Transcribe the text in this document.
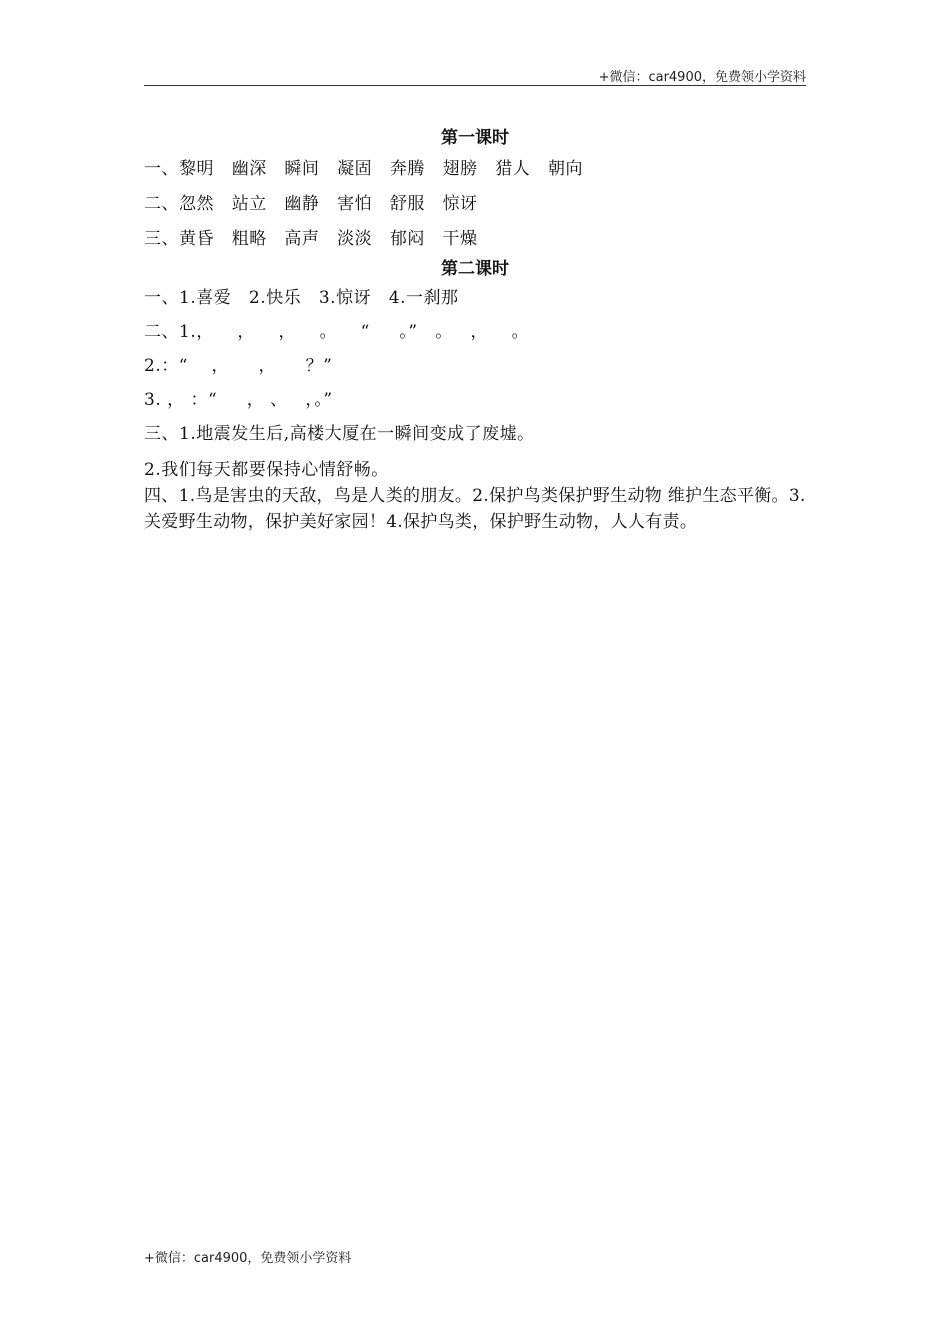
+微信：car4900，免费领小学资料
第一课时
一、黎明   幽深   瞬间   凝固   奔腾   翅膀   猎人   朝向
二、忽然   站立   幽静   害怕   舒服   惊讶
三、黄昏   粗略   高声   淡淡   郁闷   干燥
第二课时
一、1.喜爱   2.快乐   3.惊讶   4.一刹那
二、1.，    ，    ，    。    “     。”   。   ，    。
2.：“    ，     ，     ？”
3. ， ：“     ， 、   ，。”
三、1.地震发生后,高楼大厦在一瞬间变成了废墟。
2.我们每天都要保持心情舒畅。
四、1.鸟是害虫的天敌，鸟是人类的朋友。2.保护鸟类保护野生动物 维护生态平衡。3.关爱野生动物，保护美好家园！4.保护鸟类，保护野生动物，人人有责。
+微信：car4900，免费领小学资料
